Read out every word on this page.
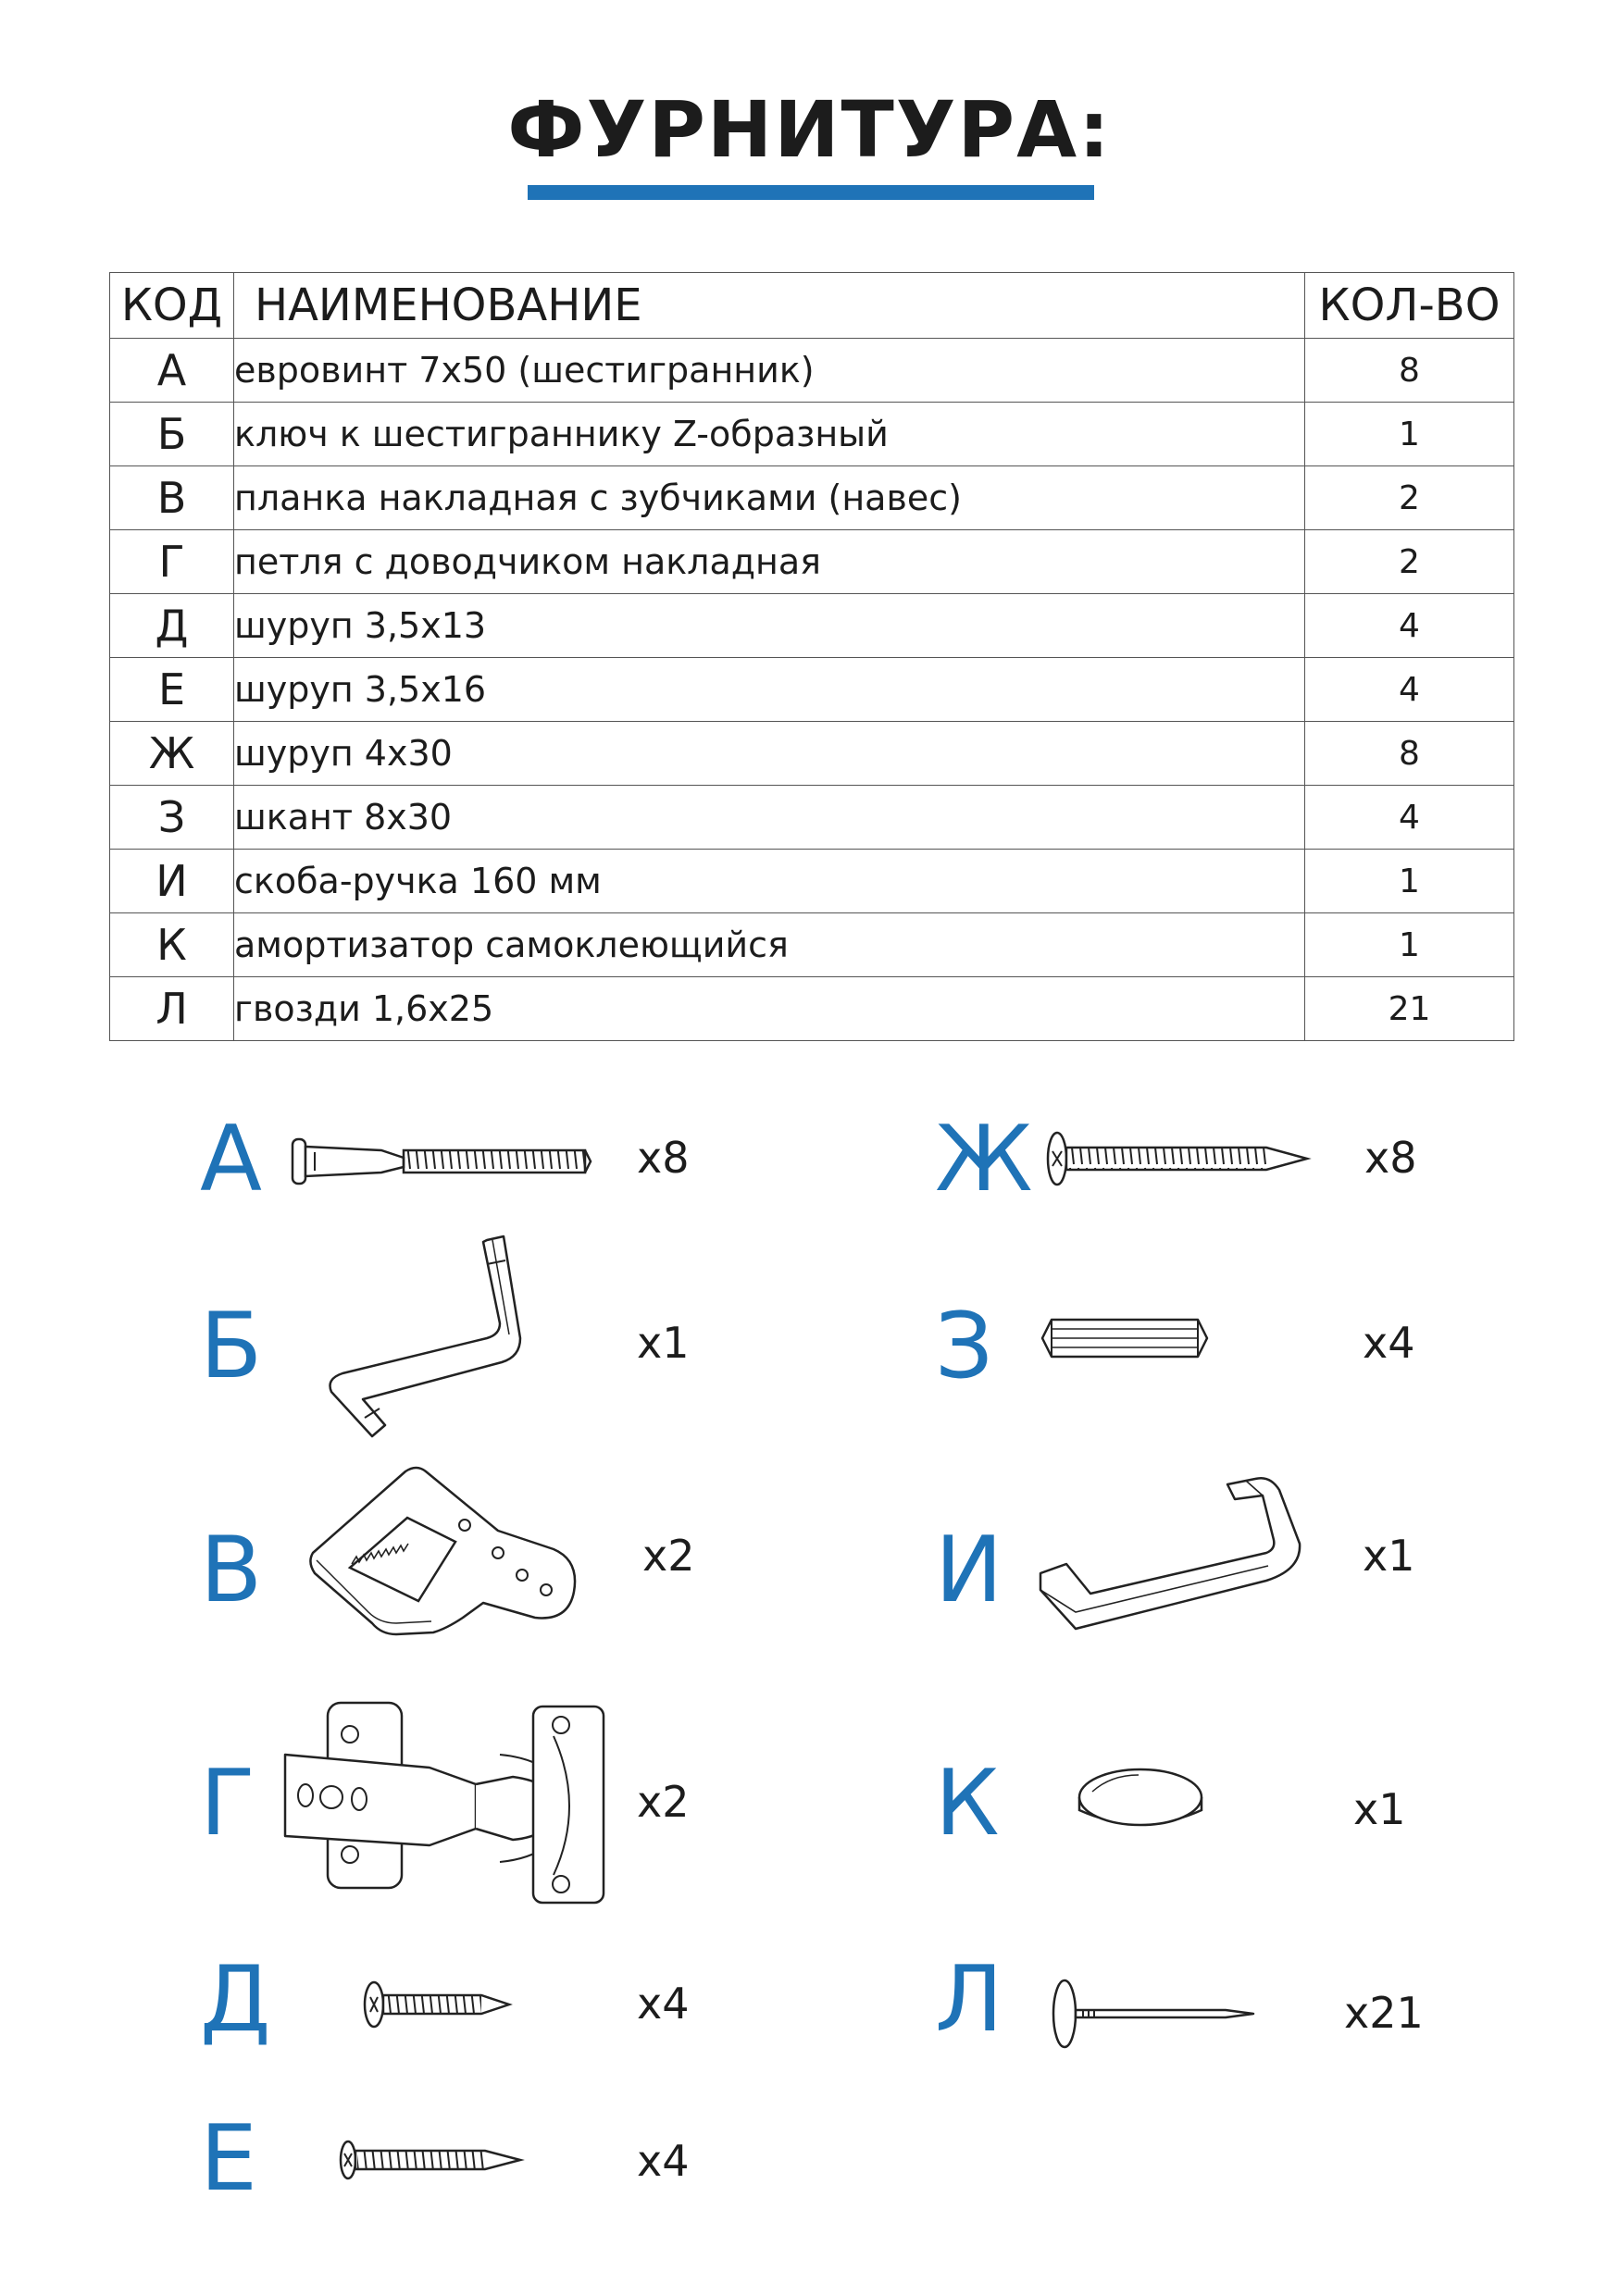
ФУРНИТУРА:
КОД	НАИМЕНОВАНИЕ	КОЛ-ВО
А	евровинт 7х50 (шестигранник)	8
Б	ключ к шестиграннику Z-образный	1
В	планка накладная с зубчиками (навес)	2
Г	петля с доводчиком накладная	2
Д	шуруп 3,5х13	4
Е	шуруп 3,5х16	4
Ж	шуруп 4х30	8
З	шкант 8х30	4
И	скоба-ручка 160 мм	1
К	амортизатор самоклеющийся	1
Л	гвозди 1,6х25	21
А	х8
Б	х1
В	х2
Г	х2
Д	х4
Е	х4
Ж	х8
З	х4
И	х1
К	х1
Л	х21
